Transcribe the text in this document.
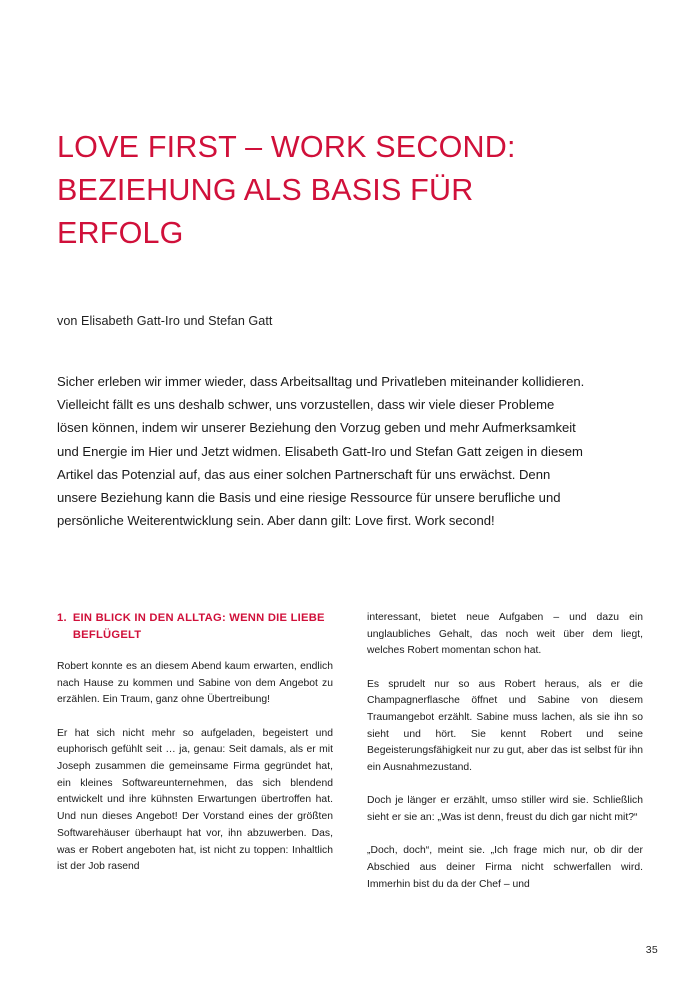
LOVE FIRST – WORK SECOND: BEZIEHUNG ALS BASIS FÜR ERFOLG
von Elisabeth Gatt-Iro und Stefan Gatt
Sicher erleben wir immer wieder, dass Arbeitsalltag und Privatleben miteinander kollidieren. Vielleicht fällt es uns deshalb schwer, uns vorzustellen, dass wir viele dieser Probleme lösen können, indem wir unserer Beziehung den Vorzug geben und mehr Aufmerksamkeit und Energie im Hier und Jetzt widmen. Elisabeth Gatt-Iro und Stefan Gatt zeigen in diesem Artikel das Potenzial auf, das aus einer solchen Partnerschaft für uns erwächst. Denn unsere Beziehung kann die Basis und eine riesige Ressource für unsere berufliche und persönliche Weiterentwicklung sein. Aber dann gilt: Love first. Work second!
1. EIN BLICK IN DEN ALLTAG: WENN DIE LIEBE BEFLÜGELT

Robert konnte es an diesem Abend kaum erwarten, endlich nach Hause zu kommen und Sabine von dem Angebot zu erzählen. Ein Traum, ganz ohne Übertreibung!

Er hat sich nicht mehr so aufgeladen, begeistert und euphorisch gefühlt seit … ja, genau: Seit damals, als er mit Joseph zusammen die gemeinsame Firma gegründet hat, ein kleines Softwareunternehmen, das sich blendend entwickelt und ihre kühnsten Erwartungen übertroffen hat. Und nun dieses Angebot! Der Vorstand eines der größten Softwarehäuser überhaupt hat vor, ihn abzuwerben. Das, was er Robert angeboten hat, ist nicht zu toppen: Inhaltlich ist der Job rasend

interessant, bietet neue Aufgaben – und dazu ein unglaubliches Gehalt, das noch weit über dem liegt, welches Robert momentan schon hat.

Es sprudelt nur so aus Robert heraus, als er die Champagnerflasche öffnet und Sabine von diesem Traumangebot erzählt. Sabine muss lachen, als sie ihn so sieht und hört. Sie kennt Robert und seine Begeisterungsfähigkeit nur zu gut, aber das ist selbst für ihn ein Ausnahmezustand.

Doch je länger er erzählt, umso stiller wird sie. Schließlich sieht er sie an: „Was ist denn, freust du dich gar nicht mit?“

„Doch, doch“, meint sie. „Ich frage mich nur, ob dir der Abschied aus deiner Firma nicht schwerfallen wird. Immerhin bist du da der Chef – und

35
